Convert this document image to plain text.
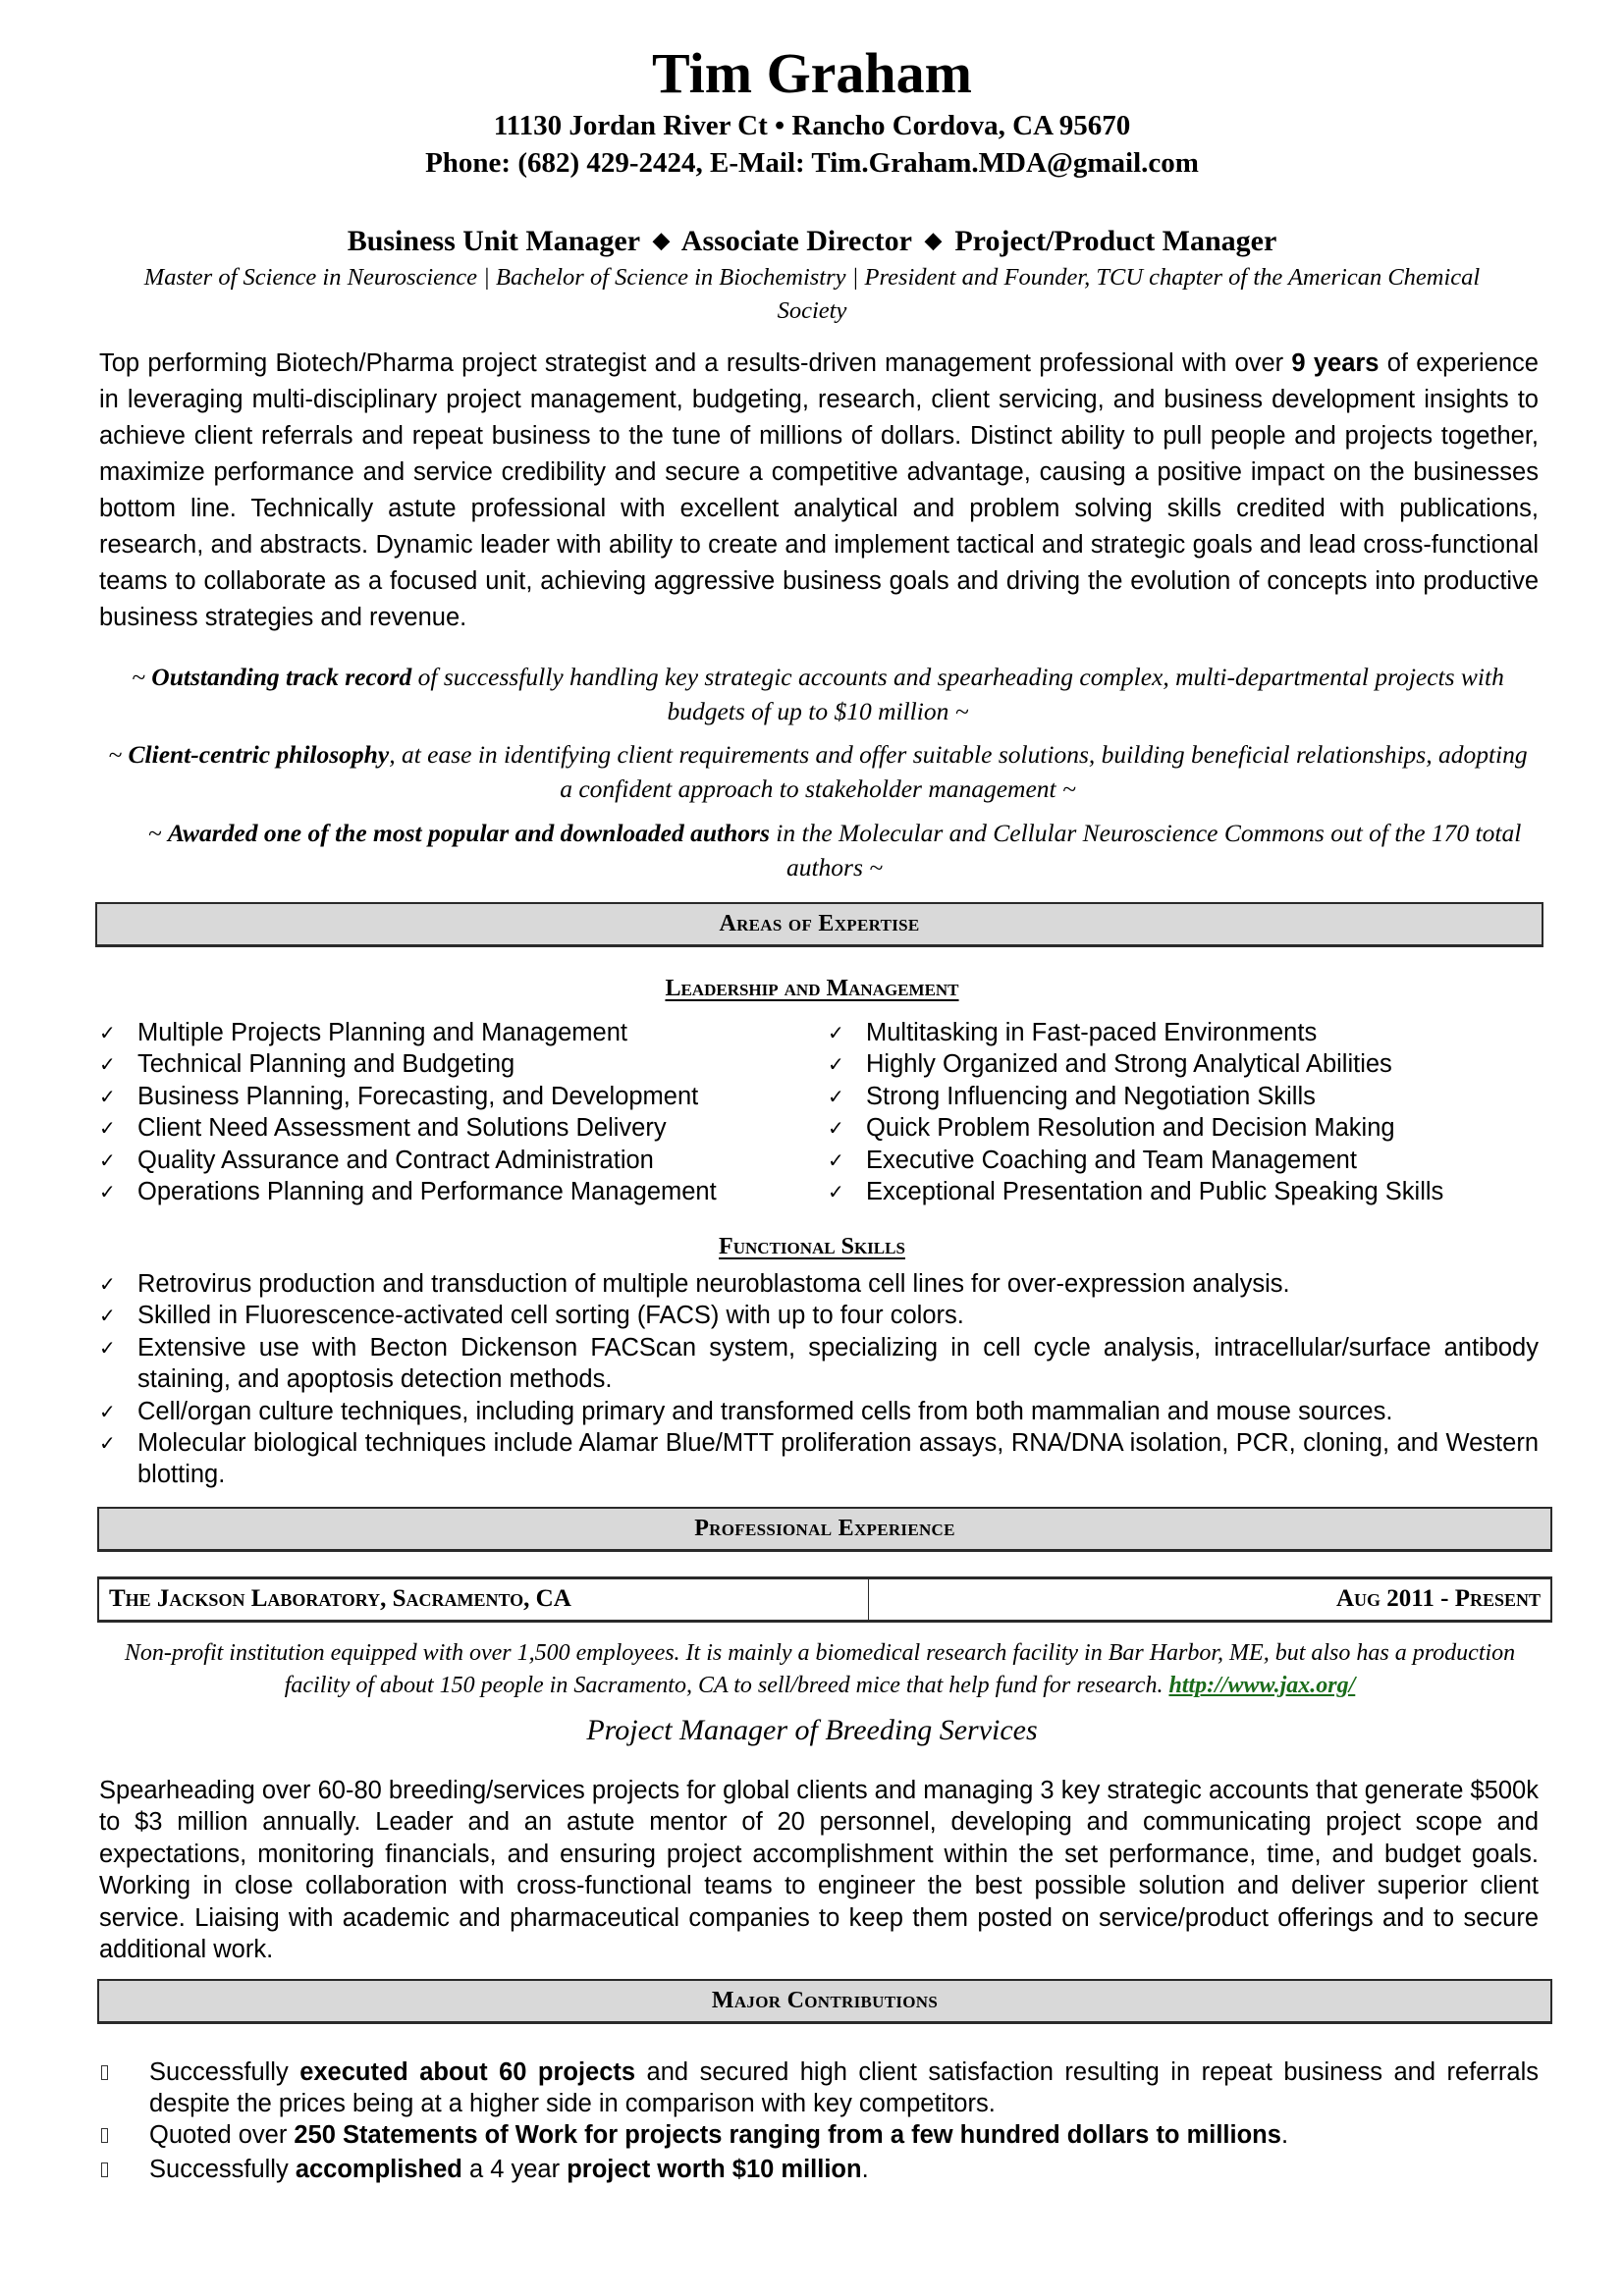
Tim Graham
11130 Jordan River Ct • Rancho Cordova, CA 95670
Phone: (682) 429-2424, E-Mail: Tim.Graham.MDA@gmail.com
Business Unit Manager ◆ Associate Director ◆ Project/Product Manager
Master of Science in Neuroscience | Bachelor of Science in Biochemistry | President and Founder, TCU chapter of the American Chemical Society

Top performing Biotech/Pharma project strategist and a results-driven management professional with over 9 years of experience in leveraging multi-disciplinary project management, budgeting, research, client servicing, and business development insights to achieve client referrals and repeat business to the tune of millions of dollars. Distinct ability to pull people and projects together, maximize performance and service credibility and secure a competitive advantage, causing a positive impact on the businesses bottom line. Technically astute professional with excellent analytical and problem solving skills credited with publications, research, and abstracts. Dynamic leader with ability to create and implement tactical and strategic goals and lead cross-functional teams to collaborate as a focused unit, achieving aggressive business goals and driving the evolution of concepts into productive business strategies and revenue.

~ Outstanding track record of successfully handling key strategic accounts and spearheading complex, multi-departmental projects with budgets of up to $10 million ~

~ Client-centric philosophy, at ease in identifying client requirements and offer suitable solutions, building beneficial relationships, adopting a confident approach to stakeholder management ~

~ Awarded one of the most popular and downloaded authors in the Molecular and Cellular Neuroscience Commons out of the 170 total authors ~

Areas of Expertise
Leadership and Management
✓ Multiple Projects Planning and Management
✓ Technical Planning and Budgeting
✓ Business Planning, Forecasting, and Development
✓ Client Need Assessment and Solutions Delivery
✓ Quality Assurance and Contract Administration
✓ Operations Planning and Performance Management
✓ Multitasking in Fast-paced Environments
✓ Highly Organized and Strong Analytical Abilities
✓ Strong Influencing and Negotiation Skills
✓ Quick Problem Resolution and Decision Making
✓ Executive Coaching and Team Management
✓ Exceptional Presentation and Public Speaking Skills
Functional Skills
✓ Retrovirus production and transduction of multiple neuroblastoma cell lines for over-expression analysis.
✓ Skilled in Fluorescence-activated cell sorting (FACS) with up to four colors.
✓ Extensive use with Becton Dickenson FACScan system, specializing in cell cycle analysis, intracellular/surface antibody staining, and apoptosis detection methods.
✓ Cell/organ culture techniques, including primary and transformed cells from both mammalian and mouse sources.
✓ Molecular biological techniques include Alamar Blue/MTT proliferation assays, RNA/DNA isolation, PCR, cloning, and Western blotting.
Professional Experience
The Jackson Laboratory, Sacramento, CA	Aug 2011 - Present

Non-profit institution equipped with over 1,500 employees. It is mainly a biomedical research facility in Bar Harbor, ME, but also has a production facility of about 150 people in Sacramento, CA to sell/breed mice that help fund for research. http://www.jax.org/

Project Manager of Breeding Services

Spearheading over 60-80 breeding/services projects for global clients and managing 3 key strategic accounts that generate $500k to $3 million annually. Leader and an astute mentor of 20 personnel, developing and communicating project scope and expectations, monitoring financials, and ensuring project accomplishment within the set performance, time, and budget goals. Working in close collaboration with cross-functional teams to engineer the best possible solution and deliver superior client service. Liaising with academic and pharmaceutical companies to keep them posted on service/product offerings and to secure additional work.

Major Contributions
Successfully executed about 60 projects and secured high client satisfaction resulting in repeat business and referrals despite the prices being at a higher side in comparison with key competitors.
Quoted over 250 Statements of Work for projects ranging from a few hundred dollars to millions.
Successfully accomplished a 4 year project worth $10 million.
